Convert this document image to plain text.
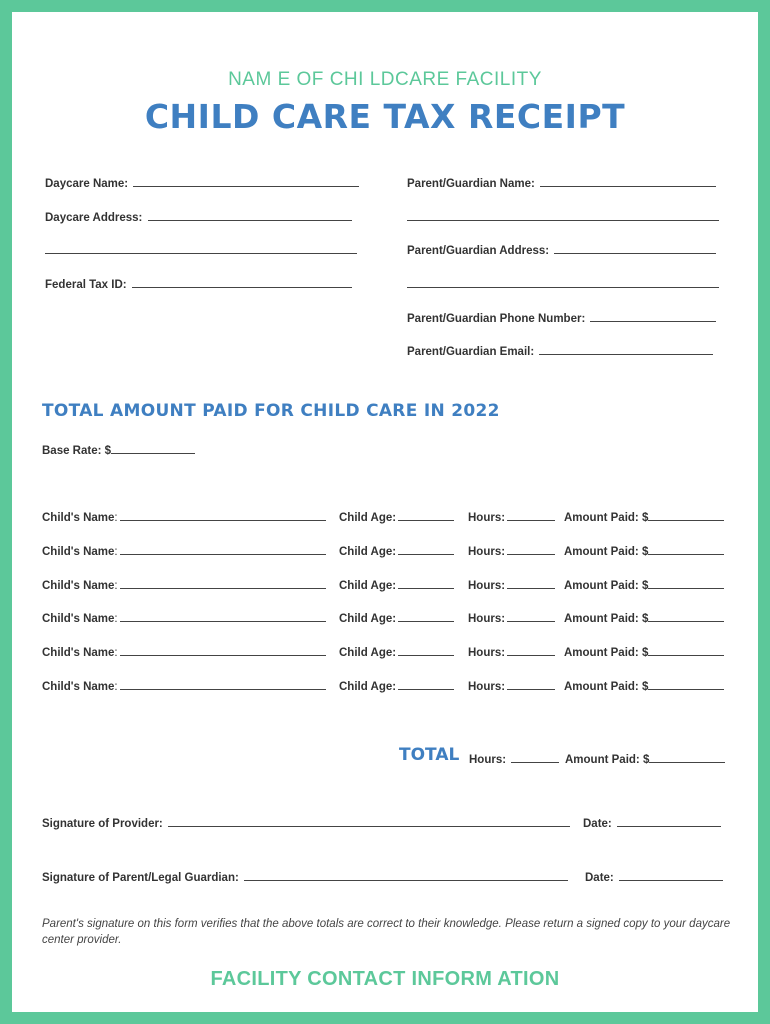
NAM E OF CHI LDCARE FACILITY
CHILD CARE TAX RECEIPT
Daycare Name:
Daycare Address:
Federal Tax ID:
Parent/Guardian Name:
Parent/Guardian Address:
Parent/Guardian Phone Number:
Parent/Guardian Email:
TOTAL AMOUNT PAID FOR CHILD CARE IN 2022
Base Rate: $
TOTAL Hours:	Amount Paid: $
Signature of Provider:	Date:
Signature of Parent/Legal Guardian:	Date:
Parent's signature on this form verifies that the above totals are correct to their knowledge. Please return a signed copy to your daycare center provider.
FACILITY CONTACT INFORM ATION
Child's Name:	Child Age:	Hours:	Amount Paid: $
Child's Name:	Child Age:	Hours:	Amount Paid: $
Child's Name:	Child Age:	Hours:	Amount Paid: $
Child's Name:	Child Age:	Hours:	Amount Paid: $
Child's Name:	Child Age:	Hours:	Amount Paid: $
Child's Name:	Child Age:	Hours:	Amount Paid: $
